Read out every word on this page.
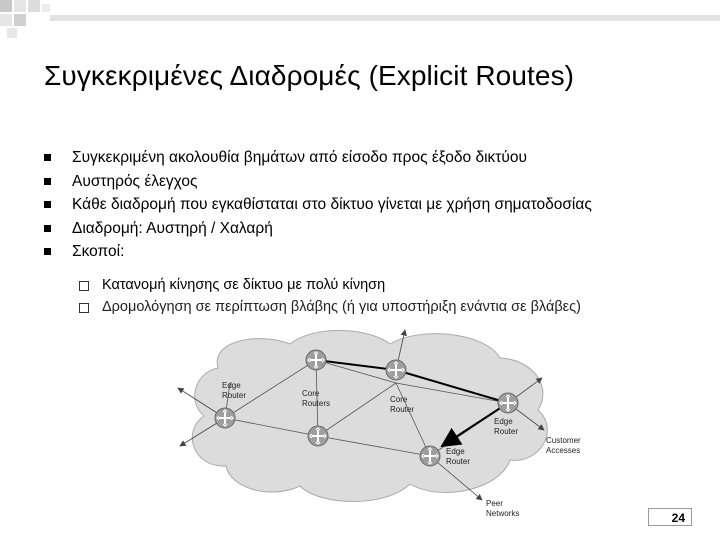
Συγκεκριμένες Διαδρομές (Explicit Routes)
Συγκεκριμένη ακολουθία βημάτων από είσοδο προς έξοδο δικτύου
Αυστηρός έλεγχος
Κάθε διαδρομή που εγκαθίσταται στο δίκτυο γίνεται με χρήση σηματοδοσίας
Διαδρομή: Αυστηρή / Χαλαρή
Σκοποί:
Κατανομή κίνησης σε δίκτυο με πολύ κίνηση
Δρομολόγηση σε περίπτωση βλάβης (ή για υποστήριξη ενάντια σε βλάβες)
Edge
Router	Core
Routers	Core
Router
Edge
Router
Edge
Router
Customer
Accesses
Peer
Networks	24
